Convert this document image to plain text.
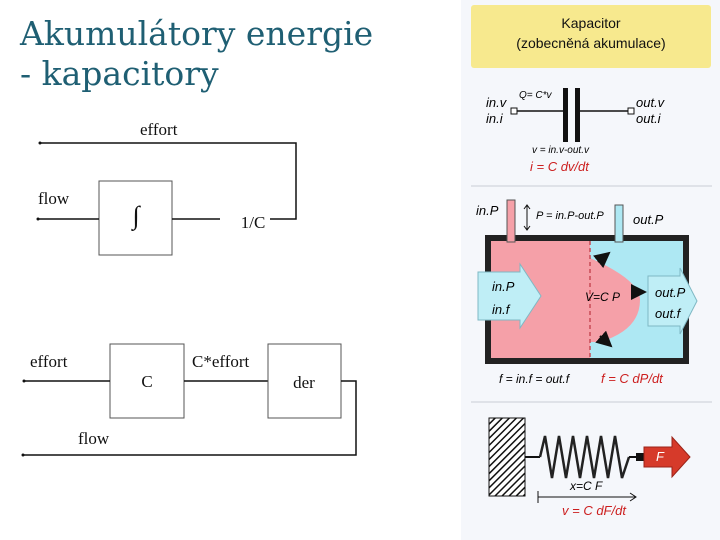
Akumulátory energie
- kapacitory
∫	1/C
flow
effort
C
effort	C*effort
der
flow
Kapacitor
(zobecněná akumulace)
in.v
in.i
Q= C*v	out.v
out.i
v = in.v-out.v
i = C dv/dt
in.P	P = in.P-out.P out.P
in.P
in.f
V=C P	out.P
out.f
f = in.f = out.f f = C dP/dt
F
x=C F
v = C dF/dt
